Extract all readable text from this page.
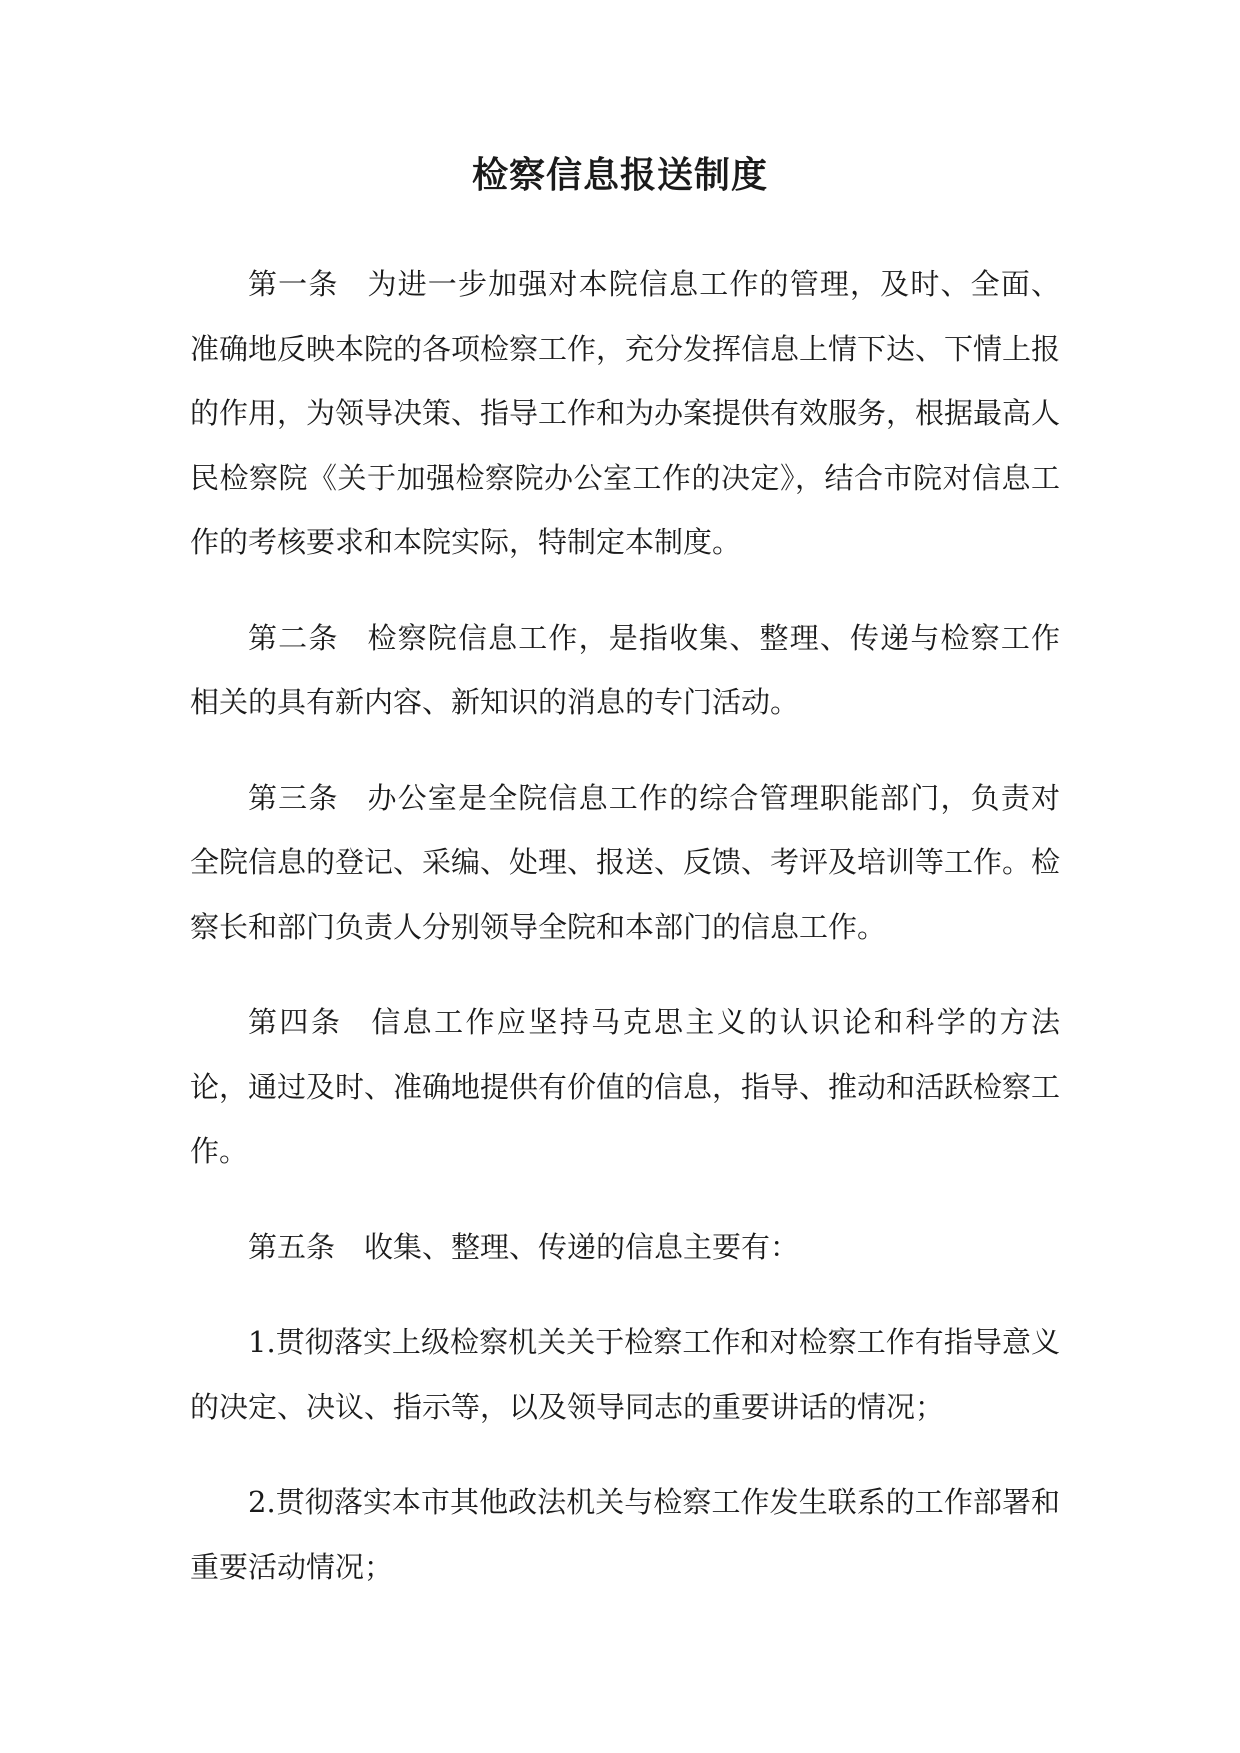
检察信息报送制度

第一条 为进一步加强对本院信息工作的管理，及时、全面、准确地反映本院的各项检察工作，充分发挥信息上情下达、下情上报的作用，为领导决策、指导工作和为办案提供有效服务，根据最高人民检察院《关于加强检察院办公室工作的决定》，结合市院对信息工作的考核要求和本院实际，特制定本制度。

第二条 检察院信息工作，是指收集、整理、传递与检察工作相关的具有新内容、新知识的消息的专门活动。

第三条 办公室是全院信息工作的综合管理职能部门，负责对全院信息的登记、采编、处理、报送、反馈、考评及培训等工作。检察长和部门负责人分别领导全院和本部门的信息工作。

第四条 信息工作应坚持马克思主义的认识论和科学的方法论，通过及时、准确地提供有价值的信息，指导、推动和活跃检察工作。

第五条 收集、整理、传递的信息主要有：

1.贯彻落实上级检察机关关于检察工作和对检察工作有指导意义的决定、决议、指示等，以及领导同志的重要讲话的情况；

2.贯彻落实本市其他政法机关与检察工作发生联系的工作部署和重要活动情况；
